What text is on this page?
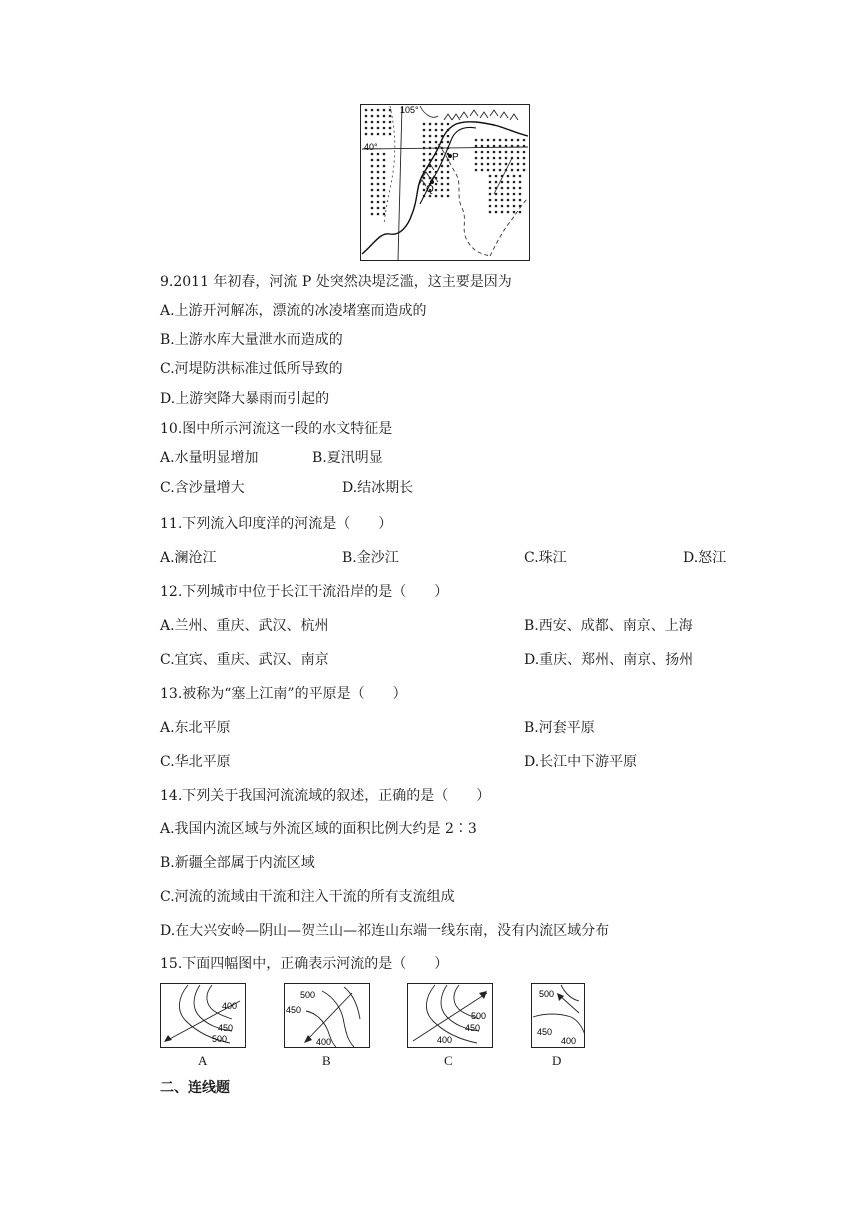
P
Q
40°
105°
9.2011 年初春，河流 P 处突然决堤泛滥，这主要是因为
A.上游开河解冻，漂流的冰凌堵塞而造成的
B.上游水库大量泄水而造成的
C.河堤防洪标准过低所导致的
D.上游突降大暴雨而引起的
10.图中所示河流这一段的水文特征是
A.水量明显增加	B.夏汛明显
C.含沙量增大	D.结冰期长
11.下列流入印度洋的河流是（　　）
A.澜沧江	B.金沙江	C.珠江	D.怒江
12.下列城市中位于长江干流沿岸的是（　　）
A.兰州、重庆、武汉、杭州	B.西安、成都、南京、上海
C.宜宾、重庆、武汉、南京	D.重庆、郑州、南京、扬州
13.被称为“塞上江南”的平原是（　　）
A.东北平原	B.河套平原
C.华北平原	D.长江中下游平原
14.下列关于我国河流流域的叙述，正确的是（　　）
A.我国内流区域与外流区域的面积比例大约是 2∶3
B.新疆全部属于内流区域
C.河流的流域由干流和注入干流的所有支流组成
D.在大兴安岭—阴山—贺兰山—祁连山东端一线东南，没有内流区域分布
15.下面四幅图中，正确表示河流的是（　　）
400
450
500
A
500
450
400
B
500
450
400
C
500
450
400
D
二、连线题
